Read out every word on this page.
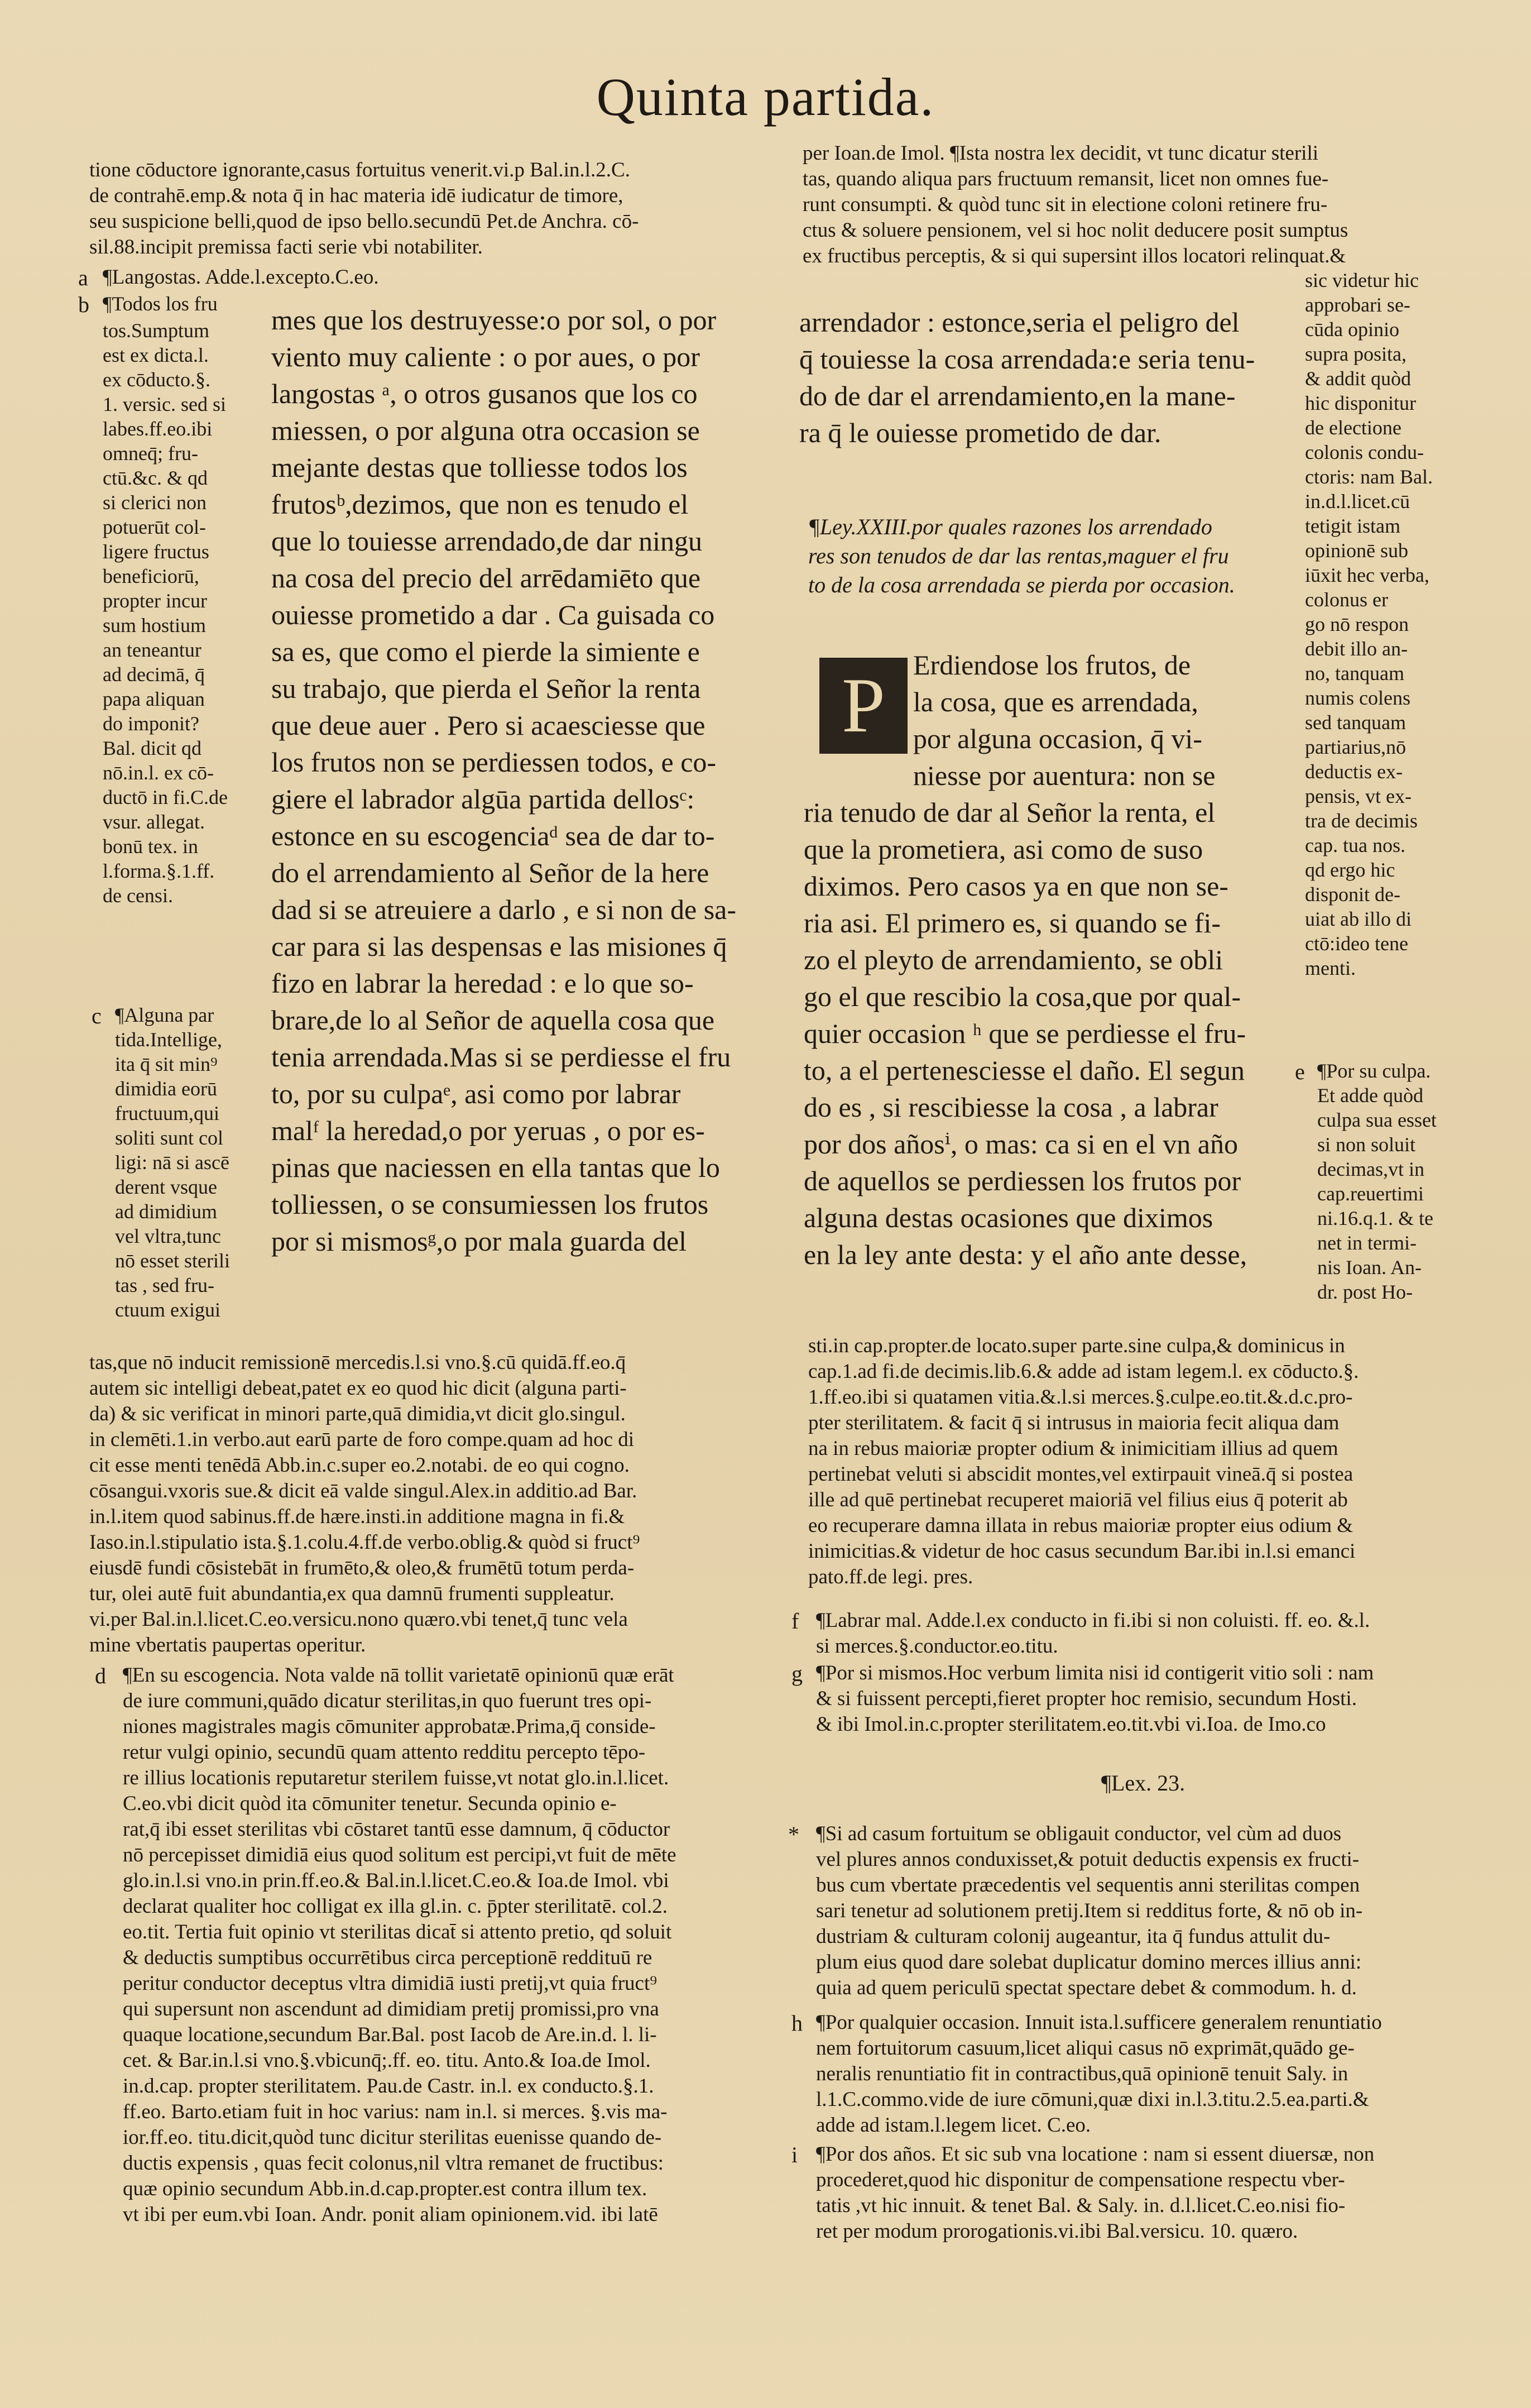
Quinta partida.
tione cōductore ignorante,casus fortuitus venerit.vi.p Bal.in.l.2.C.
de contrahē.emp.& nota q̄ in hac materia idē iudicatur de timore,
seu suspicione belli,quod de ipso bello.secundū Pet.de Anchra. cō-
sil.88.incipit premissa facti serie vbi notabiliter.
per Ioan.de Imol. ¶Ista nostra lex decidit, vt tunc dicatur sterili
tas, quando aliqua pars fructuum remansit, licet non omnes fue-
runt consumpti. & quòd tunc sit in electione coloni retinere fru-
ctus & soluere pensionem, vel si hoc nolit deducere posit sumptus
ex fructibus perceptis, & si qui supersint illos locatori relinquat.&
a ¶Langostas. Adde.l.excepto.C.eo.
b ¶Todos los fru
tos.Sumptum
est ex dicta.l.
ex cōducto.§.
1. versic. sed si
labes.ff.eo.ibi
omneq̄; fru-
ctū.&c. & qd
si clerici non
potuerūt col-
ligere fructus
beneficiorū,
propter incur
sum hostium
an teneantur
ad decimā, q̄
papa aliquan
do imponit?
Bal. dicit qd
nō.in.l. ex cō-
ductō in fi.C.de
vsur. allegat.
bonū tex. in
l.forma.§.1.ff.
de censi.
c ¶Alguna par
tida.Intellige,
ita q̄ sit min⁹
dimidia eorū
fructuum,qui
soliti sunt col
ligi: nā si ascē
derent vsque
ad dimidium
vel vltra,tunc
nō esset sterili
tas , sed fru-
ctuum exigui
mes que los destruyesse:o por sol, o por
viento muy caliente : o por aues, o por
langostas ᵃ, o otros gusanos que los co
miessen, o por alguna otra occasion se
mejante destas que tolliesse todos los
frutosᵇ,dezimos, que non es tenudo el
que lo touiesse arrendado,de dar ningu
na cosa del precio del arrēdamiēto que
ouiesse prometido a dar . Ca guisada co
sa es, que como el pierde la simiente e
su trabajo, que pierda el Señor la renta
que deue auer . Pero si acaesciesse que
los frutos non se perdiessen todos, e co-
giere el labrador algūa partida dellosᶜ:
estonce en su escogenciaᵈ sea de dar to-
do el arrendamiento al Señor de la here
dad si se atreuiere a darlo , e si non de sa-
car para si las despensas e las misiones q̄
fizo en labrar la heredad : e lo que so-
brare,de lo al Señor de aquella cosa que
tenia arrendada.Mas si se perdiesse el fru
to, por su culpaᵉ, asi como por labrar
malᶠ la heredad,o por yeruas , o por es-
pinas que naciessen en ella tantas que lo
tolliessen, o se consumiessen los frutos
por si mismosᵍ,o por mala guarda del
arrendador : estonce,seria el peligro del
q̄ touiesse la cosa arrendada:e seria tenu-
do de dar el arrendamiento,en la mane-
ra q̄ le ouiesse prometido de dar.
¶Ley.XXIII.por quales razones los arrendado
res son tenudos de dar las rentas,maguer el fru
to de la cosa arrendada se pierda por occasion.
P Erdiendose los frutos, de
la cosa, que es arrendada,
por alguna occasion, q̄ vi-
niesse por auentura: non se
ria tenudo de dar al Señor la renta, el
que la prometiera, asi como de suso
diximos. Pero casos ya en que non se-
ria asi. El primero es, si quando se fi-
zo el pleyto de arrendamiento, se obli
go el que rescibio la cosa,que por qual-
quier occasion ʰ que se perdiesse el fru-
to, a el pertenesciesse el daño. El segun
do es , si rescibiesse la cosa , a labrar
por dos añosⁱ, o mas: ca si en el vn año
de aquellos se perdiessen los frutos por
alguna destas ocasiones que diximos
en la ley ante desta: y el año ante desse,
sic videtur hic
approbari se-
cūda opinio
supra posita,
& addit quòd
hic disponitur
de electione
colonis condu-
ctoris: nam Bal.
in.d.l.licet.cū
tetigit istam
opinionē sub
iūxit hec verba,
colonus er
go nō respon
debit illo an-
no, tanquam
numis colens
sed tanquam
partiarius,nō
deductis ex-
pensis, vt ex-
tra de decimis
cap. tua nos.
qd ergo hic
disponit de-
uiat ab illo di
ctō:ideo tene
menti.
e ¶Por su culpa.
Et adde quòd
culpa sua esset
si non soluit
decimas,vt in
cap.reuertimi
ni.16.q.1. & te
net in termi-
nis Ioan. An-
dr. post Ho-
tas,que nō inducit remissionē mercedis.l.si vno.§.cū quidā.ff.eo.q̄
autem sic intelligi debeat,patet ex eo quod hic dicit (alguna parti-
da) & sic verificat in minori parte,quā dimidia,vt dicit glo.singul.
in clemēti.1.in verbo.aut earū parte de foro compe.quam ad hoc di
cit esse menti tenēdā Abb.in.c.super eo.2.notabi. de eo qui cogno.
cōsangui.vxoris sue.& dicit eā valde singul.Alex.in additio.ad Bar.
in.l.item quod sabinus.ff.de hære.insti.in additione magna in fi.&
Iaso.in.l.stipulatio ista.§.1.colu.4.ff.de verbo.oblig.& quòd si fruct⁹
eiusdē fundi cōsistebāt in frumēto,& oleo,& frumētū totum perda-
tur, olei autē fuit abundantia,ex qua damnū frumenti suppleatur.
vi.per Bal.in.l.licet.C.eo.versicu.nono quæro.vbi tenet,q̄ tunc vela
mine vbertatis paupertas operitur.
d ¶En su escogencia. Nota valde nā tollit varietatē opinionū quæ erāt
de iure communi,quādo dicatur sterilitas,in quo fuerunt tres opi-
niones magistrales magis cōmuniter approbatæ.Prima,q̄ conside-
retur vulgi opinio, secundū quam attento redditu percepto tēpo-
re illius locationis reputaretur sterilem fuisse,vt notat glo.in.l.licet.
C.eo.vbi dicit quòd ita cōmuniter tenetur. Secunda opinio e-
rat,q̄ ibi esset sterilitas vbi cōstaret tantū esse damnum, q̄ cōductor
nō percepisset dimidiā eius quod solitum est percipi,vt fuit de mēte
glo.in.l.si vno.in prin.ff.eo.& Bal.in.l.licet.C.eo.& Ioa.de Imol. vbi
declarat qualiter hoc colligat ex illa gl.in. c. p̄pter sterilitatē. col.2.
eo.tit. Tertia fuit opinio vt sterilitas dicat̄ si attento pretio, qd soluit
& deductis sumptibus occurrētibus circa perceptionē reddituū re
peritur conductor deceptus vltra dimidiā iusti pretij,vt quia fruct⁹
qui supersunt non ascendunt ad dimidiam pretij promissi,pro vna
quaque locatione,secundum Bar.Bal. post Iacob de Are.in.d. l. li-
cet. & Bar.in.l.si vno.§.vbicunq̄;.ff. eo. titu. Anto.& Ioa.de Imol.
in.d.cap. propter sterilitatem. Pau.de Castr. in.l. ex conducto.§.1.
ff.eo. Barto.etiam fuit in hoc varius: nam in.l. si merces. §.vis ma-
ior.ff.eo. titu.dicit,quòd tunc dicitur sterilitas euenisse quando de-
ductis expensis , quas fecit colonus,nil vltra remanet de fructibus:
quæ opinio secundum Abb.in.d.cap.propter.est contra illum tex.
vt ibi per eum.vbi Ioan. Andr. ponit aliam opinionem.vid. ibi latē
sti.in cap.propter.de locato.super parte.sine culpa,& dominicus in
cap.1.ad fi.de decimis.lib.6.& adde ad istam legem.l. ex cōducto.§.
1.ff.eo.ibi si quatamen vitia.&.l.si merces.§.culpe.eo.tit.&.d.c.pro-
pter sterilitatem. & facit q̄ si intrusus in maioria fecit aliqua dam
na in rebus maioriæ propter odium & inimicitiam illius ad quem
pertinebat veluti si abscidit montes,vel extirpauit vineā.q̄ si postea
ille ad quē pertinebat recuperet maioriā vel filius eius q̄ poterit ab
eo recuperare damna illata in rebus maioriæ propter eius odium &
inimicitias.& videtur de hoc casus secundum Bar.ibi in.l.si emanci
pato.ff.de legi. pres.
f ¶Labrar mal. Adde.l.ex conducto in fi.ibi si non coluisti. ff. eo. &.l.
si merces.§.conductor.eo.titu.
g ¶Por si mismos.Hoc verbum limita nisi id contigerit vitio soli : nam
& si fuissent percepti,fieret propter hoc remisio, secundum Hosti.
& ibi Imol.in.c.propter sterilitatem.eo.tit.vbi vi.Ioa. de Imo.co
¶Lex. 23.
* ¶Si ad casum fortuitum se obligauit conductor, vel cùm ad duos
vel plures annos conduxisset,& potuit deductis expensis ex fructi-
bus cum vbertate præcedentis vel sequentis anni sterilitas compen
sari tenetur ad solutionem pretij.Item si redditus forte, & nō ob in-
dustriam & culturam colonij augeantur, ita q̄ fundus attulit du-
plum eius quod dare solebat duplicatur domino merces illius anni:
quia ad quem periculū spectat spectare debet & commodum. h. d.
h ¶Por qualquier occasion. Innuit ista.l.sufficere generalem renuntiatio
nem fortuitorum casuum,licet aliqui casus nō exprimāt,quādo ge-
neralis renuntiatio fit in contractibus,quā opinionē tenuit Saly. in
l.1.C.commo.vide de iure cōmuni,quæ dixi in.l.3.titu.2.5.ea.parti.&
adde ad istam.l.legem licet. C.eo.
i ¶Por dos años. Et sic sub vna locatione : nam si essent diuersæ, non
procederet,quod hic disponitur de compensatione respectu vber-
tatis ,vt hic innuit. & tenet Bal. & Saly. in. d.l.licet.C.eo.nisi fio-
ret per modum prorogationis.vi.ibi Bal.versicu. 10. quæro.
